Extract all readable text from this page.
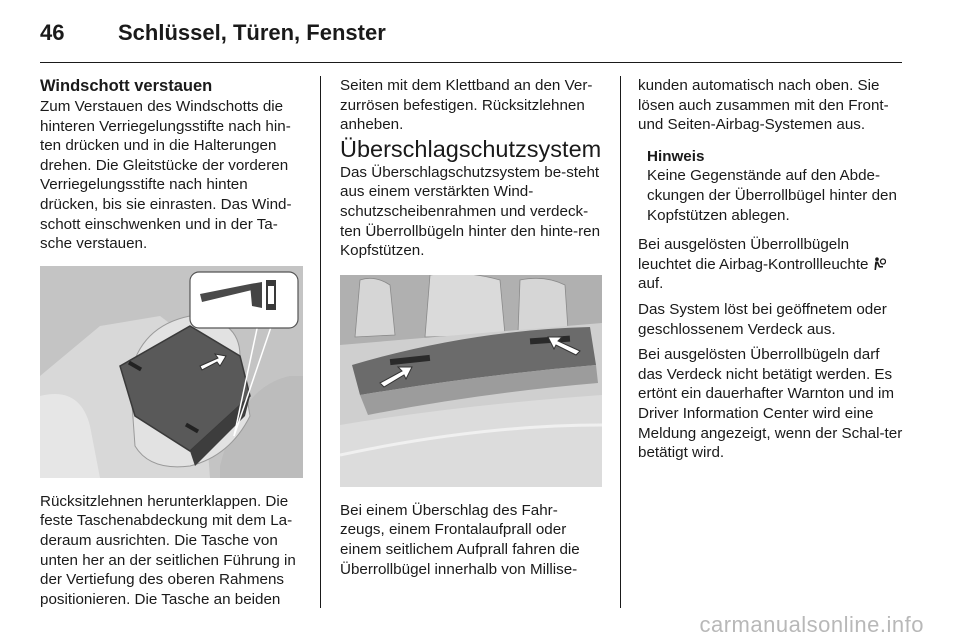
46	Schlüssel, Türen, Fenster

Windschott verstauen

Zum Verstauen des Windschotts die hinteren Verriegelungsstifte nach hin-ten drücken und in die Halterungen drehen. Die Gleitstücke der vorderen Verriegelungsstifte nach hinten drücken, bis sie einrasten. Das Wind-schott einschwenken und in der Ta-sche verstauen.

Rücksitzlehnen herunterklappen. Die feste Taschenabdeckung mit dem La-deraum ausrichten. Die Tasche von unten her an der seitlichen Führung in der Vertiefung des oberen Rahmens positionieren. Die Tasche an beiden

Seiten mit dem Klettband an den Ver-zurrösen befestigen. Rücksitzlehnen anheben.

Überschlagschutzsystem

Das Überschlagschutzsystem be-steht aus einem verstärkten Wind-schutzscheibenrahmen und verdeck-ten Überrollbügeln hinter den hinte-ren Kopfstützen.

Bei einem Überschlag des Fahr-zeugs, einem Frontalaufprall oder einem seitlichem Aufprall fahren die Überrollbügel innerhalb von Millise-

kunden automatisch nach oben. Sie lösen auch zusammen mit den Front- und Seiten-Airbag-Systemen aus.

Hinweis

Keine Gegenstände auf den Abde-ckungen der Überrollbügel hinter den Kopfstützen ablegen.

Bei ausgelösten Überrollbügeln leuchtet die Airbag-Kontrollleuchte  auf.

Das System löst bei geöffnetem oder geschlossenem Verdeck aus.

Bei ausgelösten Überrollbügeln darf das Verdeck nicht betätigt werden. Es ertönt ein dauerhafter Warnton und im Driver Information Center wird eine Meldung angezeigt, wenn der Schal-ter betätigt wird.

carmanualsonline.info
